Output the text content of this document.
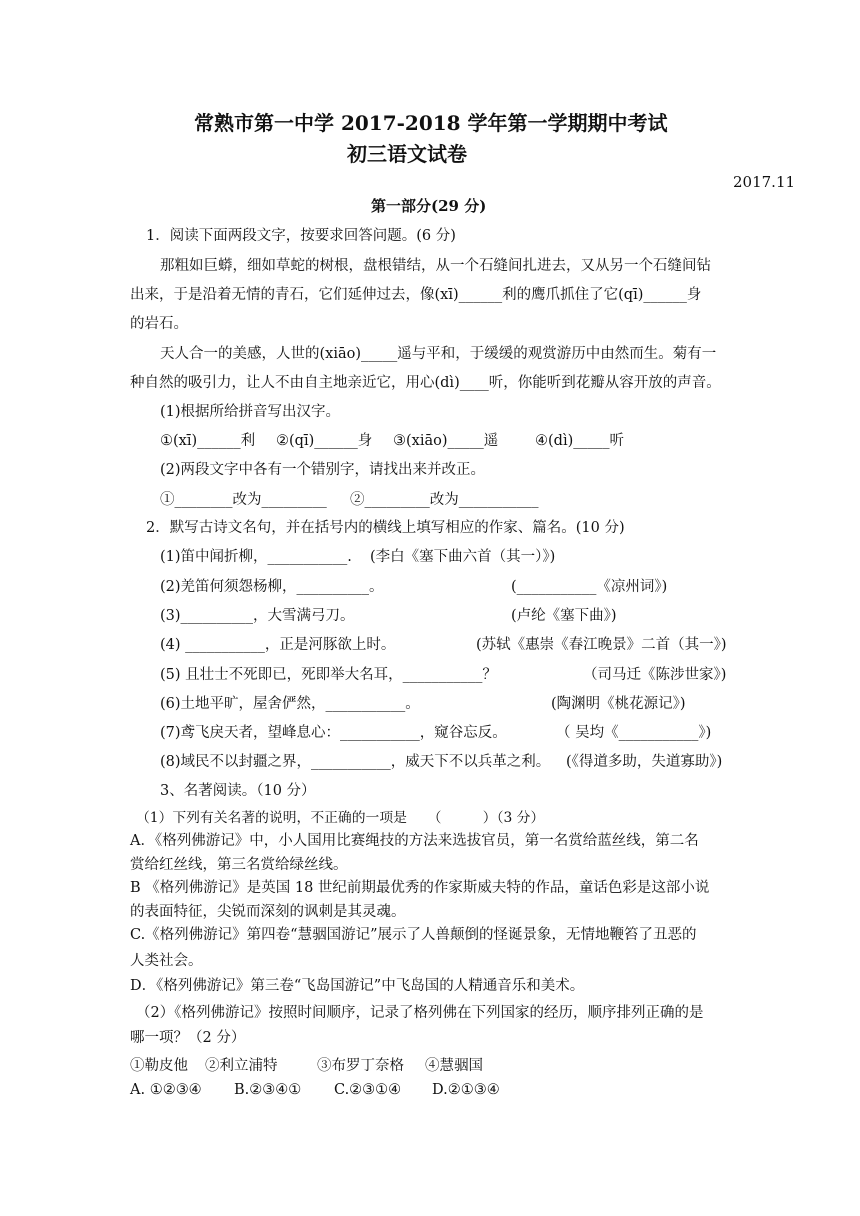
常熟市第一中学 2017-2018 学年第一学期期中考试
初三语文试卷
2017.11
第一部分(29 分)
1．阅读下面两段文字，按要求回答问题。(6 分)
那粗如巨蟒，细如草蛇的树根，盘根错结，从一个石缝间扎进去，又从另一个石缝间钻
出来，于是沿着无情的青石，它们延伸过去，像(xī)______利的鹰爪抓住了它(qī)______身
的岩石。
天人合一的美感，人世的(xiāo)_____遥与平和，于缓缓的观赏游历中由然而生。菊有一
种自然的吸引力，让人不由自主地亲近它，用心(dì)____听，你能听到花瓣从容开放的声音。
(1)根据所给拼音写出汉字。
①(xī)______利 ②(qī)______身 ③(xiāo)_____遥	④(dì)_____听
(2)两段文字中各有一个错别字，请找出来并改正。
①________改为_________ ②_________改为___________
2．默写古诗文名句，并在括号内的横线上填写相应的作家、篇名。(10 分)
(1)笛中闻折柳，___________. (李白《塞下曲六首（其一）》)
(2)羌笛何须怨杨柳，__________。	(___________《凉州词》)
(3)__________，大雪满弓刀。	(卢纶《塞下曲》)
(4) ___________，正是河豚欲上时。	(苏轼《惠崇《春江晚景》二首（其一》)
(5) 且壮士不死即已，死即举大名耳，___________？	（司马迁《陈涉世家》)
(6)土地平旷，屋舍俨然，___________。	(陶渊明《桃花源记》)
(7)鸢飞戾天者，望峰息心：___________，窥谷忘反。	（ 吴均《___________》)
(8)域民不以封疆之界，___________，威天下不以兵革之利。 (《得道多助，失道寡助》)
3、名著阅读。（10 分）
（1）下列有关名著的说明，不正确的一项是　　（　　　）（3 分）
A．《格列佛游记》中，小人国用比赛绳技的方法来选拔官员，第一名赏给蓝丝线，第二名
赏给红丝线，第三名赏给绿丝线。
B 《格列佛游记》是英国 18 世纪前期最优秀的作家斯威夫特的作品，童话色彩是这部小说
的表面特征，尖锐而深刻的讽刺是其灵魂。
C.《格列佛游记》第四卷“慧骃国游记”展示了人兽颠倒的怪诞景象，无情地鞭笞了丑恶的
人类社会。
D．《格列佛游记》第三卷“飞岛国游记”中飞岛国的人精通音乐和美术。
（2）《格列佛游记》按照时间顺序，记录了格列佛在下列国家的经历，顺序排列正确的是
哪一项？（2 分）
①勒皮他 ②利立浦特	③布罗丁奈格 ④慧骃国
A. ①②③④ B.②③④① C.②③①④ D.②①③④
